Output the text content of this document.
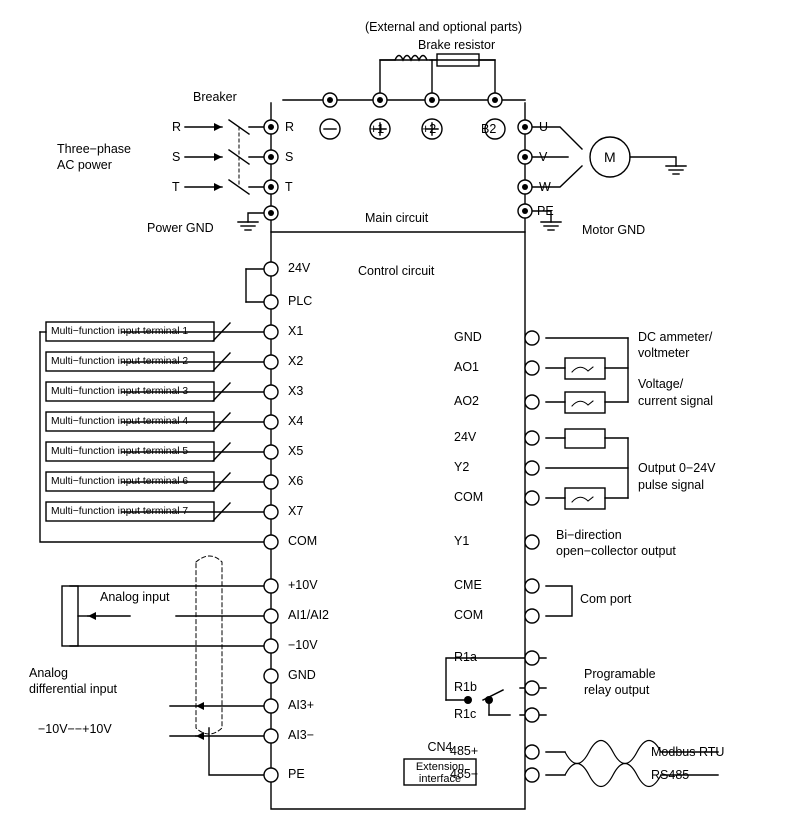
(External and optional parts)
Brake resistor
Breaker
Three−phase
AC power
R
S
T
R
S
T
+1	+2	B2	U
V
W
PE
M
Power GND
Main circuit
Motor GND
Control circuit
24V
PLC
X1
X2
X3
X4
X5
X6
X7
COM
+10V
AI1/AI2
−10V
GND
AI3+
AI3−
PE
GND
AO1
AO2
24V
Y2
COM
Y1
CME
COM
R1a
R1b
R1c
485+
485−
Multi−function input terminal 1
Multi−function input terminal 2
Multi−function input terminal 3
Multi−function input terminal 4
Multi−function input terminal 5
Multi−function input terminal 6
Multi−function input terminal 7
Analog input
Analog
differential input
−10V−−+10V
DC ammeter/
voltmeter
Voltage/
current signal
Output 0−24V
pulse signal
Bi−direction
open−collector output
Com port
Programable
relay output
CN4
Extension
interface
Modbus RTU
RS485
